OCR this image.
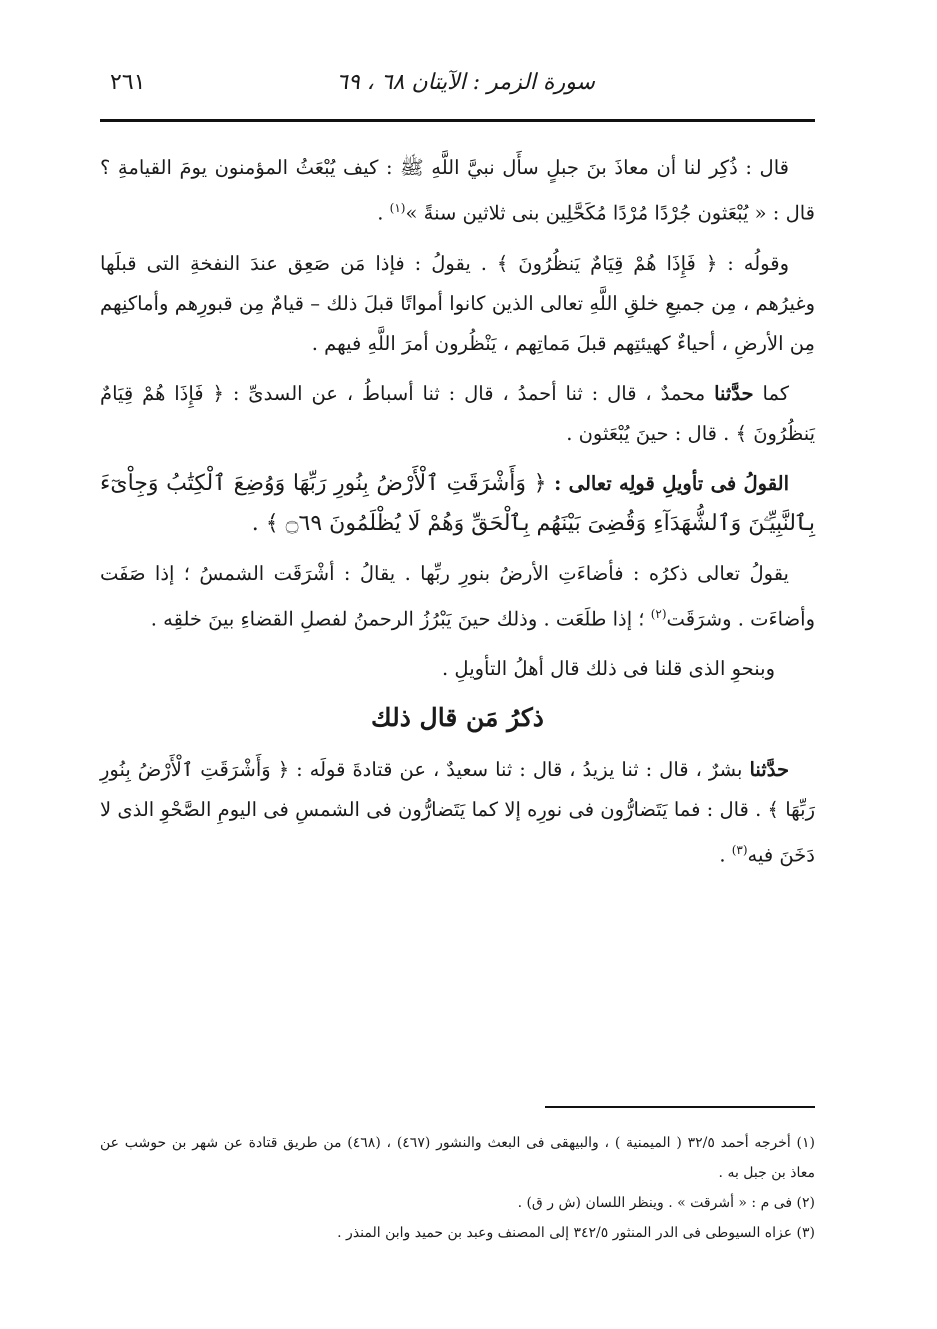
سورة الزمر : الآيتان ٦٨ ، ٦٩
٢٦١

قال : ذُكِر لنا أن معاذَ بنَ جبلٍ سأَل نبيَّ اللَّهِ ﷺ : كيف يُبْعَثُ المؤمنون يومَ القيامةِ ؟ قال : « يُبْعَثون جُرْدًا مُرْدًا مُكَحَّلِين بنى ثلاثين سنةً »$^{(١)}$ .

وقولُه : ﴿ فَإِذَا هُمْ قِيَامٌ يَنظُرُونَ ﴾ . يقولُ : فإذا مَن صَعِق عندَ النفخةِ التى قبلَها وغيرُهم ، مِن جميعِ خلقِ اللَّهِ تعالى الذين كانوا أمواتًا قبلَ ذلك – قيامٌ مِن قبورِهم وأماكنِهم مِن الأرضِ ، أحياءٌ كهيئتِهم قبلَ مَماتِهم ، يَنْظُرون أمرَ اللَّهِ فيهم .

كما حدَّثنا محمدٌ ، قال : ثنا أحمدُ ، قال : ثنا أسباطُ ، عن السدىِّ : ﴿ فَإِذَا هُمْ قِيَامٌ يَنظُرُونَ ﴾ . قال : حينَ يُبْعَثون .

القولُ فى تأويلِ قولِه تعالى : ﴿ وَأَشْرَقَتِ ٱلْأَرْضُ بِنُورِ رَبِّهَا وَوُضِعَ ٱلْكِتَٰبُ وَجِاْىٓءَ بِٱلنَّبِيِّـۧنَ وَٱلشُّهَدَآءِ وَقُضِىَ بَيْنَهُم بِٱلْحَقِّ وَهُمْ لَا يُظْلَمُونَ ۝٦٩ ﴾ .

يقولُ تعالى ذكرُه : فأضاءَتِ الأرضُ بنورِ ربِّها . يقالُ : أشْرَقَت الشمسُ ؛ إذا صَفَت وأضاءَت . وشرَقَت$^{(٢)}$ ؛ إذا طلَعَت . وذلك حينَ يَبْرُزُ الرحمنُ لفصلِ القضاءِ بينَ خلقِه .

وبنحوِ الذى قلنا فى ذلك قال أهلُ التأويلِ .

ذكرُ مَن قال ذلك

حدَّثنا بشرٌ ، قال : ثنا يزيدُ ، قال : ثنا سعيدٌ ، عن قتادةَ قولَه : ﴿ وَأَشْرَقَتِ ٱلْأَرْضُ بِنُورِ رَبِّهَا ﴾ . قال : فما يَتَضارُّون فى نورِه إلا كما يَتَضارُّون فى الشمسِ فى اليومِ الصَّحْوِ الذى لا دَخَنَ فيه$^{(٣)}$ .

(١) أخرجه أحمد ٣٢/٥ ( الميمنية ) ، والبيهقى فى البعث والنشور (٤٦٧) ، (٤٦٨) من طريق قتادة عن شهر بن حوشب عن معاذ بن جبل به .

(٢) فى م : « أشرقت » . وينظر اللسان (ش ر ق) .

(٣) عزاه السيوطى فى الدر المنثور ٣٤٢/٥ إلى المصنف وعبد بن حميد وابن المنذر .
